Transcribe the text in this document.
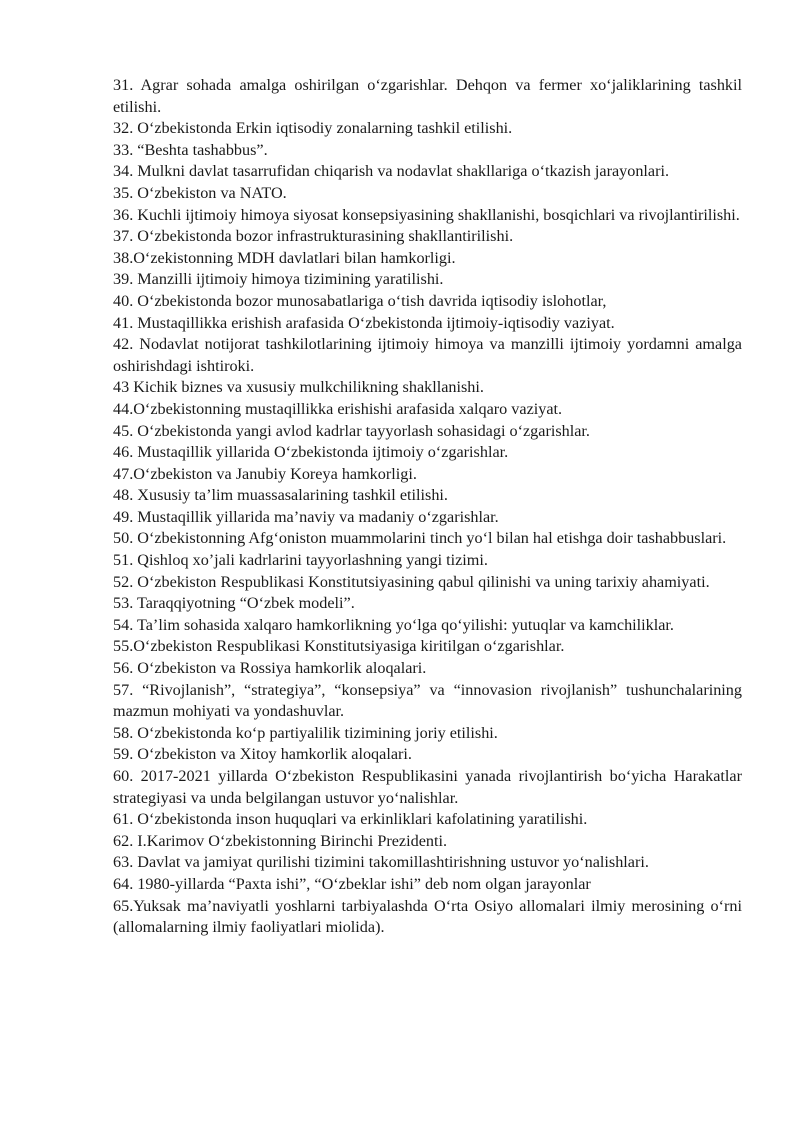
31. Agrar sohada amalga oshirilgan o‘zgarishlar. Dehqon va fermer xo‘jaliklarining tashkil etilishi.

32. O‘zbekistonda Erkin iqtisodiy zonalarning tashkil etilishi.

33. “Beshta tashabbus”.

34. Mulkni davlat tasarrufidan chiqarish va nodavlat shakllariga o‘tkazish jarayonlari.

35. O‘zbekiston va NATO.

36. Kuchli ijtimoiy himoya siyosat konsepsiyasining shakllanishi, bosqichlari va rivojlantirilishi.

37. O‘zbekistonda bozor infrastrukturasining shakllantirilishi.

38.O‘zekistonning MDH davlatlari bilan hamkorligi.

39. Manzilli ijtimoiy himoya tizimining yaratilishi.

40. O‘zbekistonda bozor munosabatlariga o‘tish davrida iqtisodiy islohotlar,

41. Mustaqillikka erishish arafasida O‘zbekistonda ijtimoiy-iqtisodiy vaziyat.

42. Nodavlat notijorat tashkilotlarining ijtimoiy himoya va manzilli ijtimoiy yordamni amalga oshirishdagi ishtiroki.

43 Kichik biznes va xususiy mulkchilikning shakllanishi.

44.O‘zbekistonning mustaqillikka erishishi arafasida xalqaro vaziyat.

45. O‘zbekistonda yangi avlod kadrlar tayyorlash sohasidagi o‘zgarishlar.

46. Mustaqillik yillarida O‘zbekistonda ijtimoiy o‘zgarishlar.

47.O‘zbekiston va Janubiy Koreya hamkorligi.

48. Xususiy ta’lim muassasalarining tashkil etilishi.

49. Mustaqillik yillarida ma’naviy va madaniy o‘zgarishlar.

50. O‘zbekistonning Afg‘oniston muammolarini tinch yo‘l bilan hal etishga doir tashabbuslari.

51. Qishloq xo’jali kadrlarini tayyorlashning yangi tizimi.

52. O‘zbekiston Respublikasi Konstitutsiyasining qabul qilinishi va uning tarixiy ahamiyati.

53. Taraqqiyotning “O‘zbek modeli”.

54. Ta’lim sohasida xalqaro hamkorlikning yo‘lga qo‘yilishi: yutuqlar va kamchiliklar.

55.O‘zbekiston Respublikasi Konstitutsiyasiga kiritilgan o‘zgarishlar.

56. O‘zbekiston va Rossiya hamkorlik aloqalari.

57. “Rivojlanish”, “strategiya”, “konsepsiya” va “innovasion rivojlanish” tushunchalarining mazmun mohiyati va yondashuvlar.

58. O‘zbekistonda ko‘p partiyalilik tizimining joriy etilishi.

59. O‘zbekiston va Xitoy hamkorlik aloqalari.

60. 2017-2021 yillarda O‘zbekiston Respublikasini yanada rivojlantirish bo‘yicha Harakatlar strategiyasi va unda belgilangan ustuvor yo‘nalishlar.

61. O‘zbekistonda inson huquqlari va erkinliklari kafolatining yaratilishi.

62. I.Karimov O‘zbekistonning Birinchi Prezidenti.

63. Davlat va jamiyat qurilishi tizimini takomillashtirishning ustuvor yo‘nalishlari.

64. 1980-yillarda “Paxta ishi”, “O‘zbeklar ishi” deb nom olgan jarayonlar

65.Yuksak ma’naviyatli yoshlarni tarbiyalashda O‘rta Osiyo allomalari ilmiy merosining o‘rni (allomalarning ilmiy faoliyatlari miolida).
